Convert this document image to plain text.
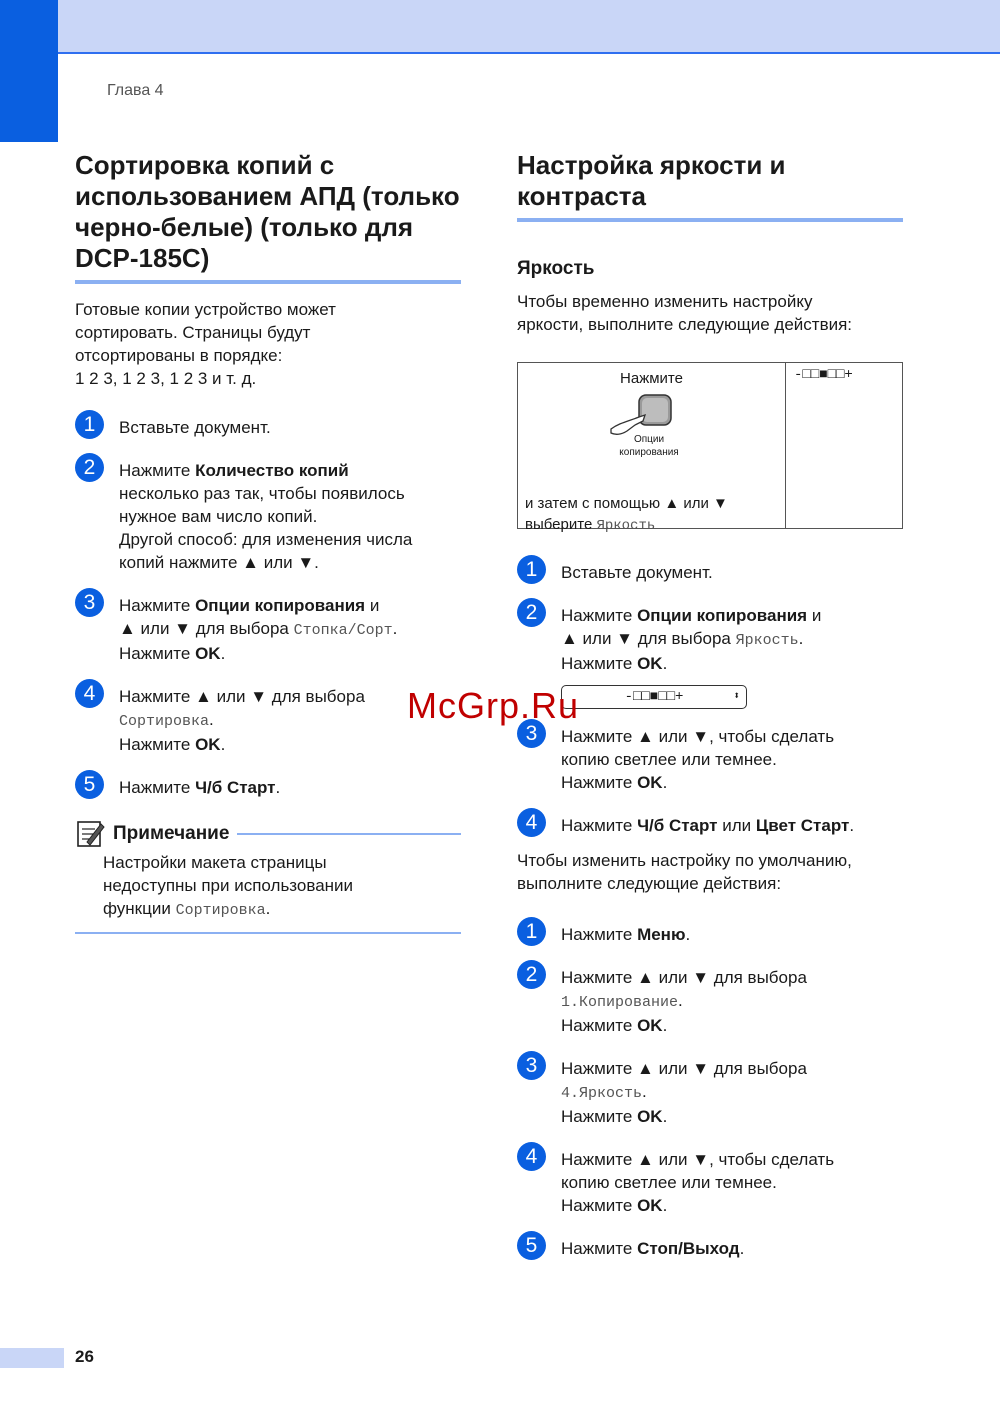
Глава 4
Сортировка копий с использованием АПД (только черно-белые) (только для DCP-185C)

Готовые копии устройство может
сортировать. Страницы будут
отсортированы в порядке:
1 2 3, 1 2 3, 1 2 3 и т. д.

1	Вставьте документ.
2	Нажмите Количество копий
несколько раз так, чтобы появилось
нужное вам число копий.
Другой способ: для изменения числа
копий нажмите ▲ или ▼.
3	Нажмите Опции копирования и
▲ или ▼ для выбора Стопка/Сорт.
Нажмите OK.
4	Нажмите ▲ или ▼ для выбора
Сортировка.
Нажмите OK.
5	Нажмите Ч/б Старт.
Примечание

Настройки макета страницы
недоступны при использовании
функции Сортировка.

Настройка яркости и контраста
Яркость

Чтобы временно изменить настройку
яркости, выполните следующие действия:

Нажмите
Опции
копирования
и затем с помощью ▲ или ▼
выберите Яркость
-□□■□□+
1	Вставьте документ.
2	Нажмите Опции копирования и
▲ или ▼ для выбора Яркость.
Нажмите OK.
-□□■□□+	⬍
3	Нажмите ▲ или ▼, чтобы сделать
копию светлее или темнее.
Нажмите OK.
4	Нажмите Ч/б Старт или Цвет Старт.

Чтобы изменить настройку по умолчанию,
выполните следующие действия:

1	Нажмите Меню.
2	Нажмите ▲ или ▼ для выбора
1.Копирование.
Нажмите OK.
3	Нажмите ▲ или ▼ для выбора
4.Яркость.
Нажмите OK.
4	Нажмите ▲ или ▼, чтобы сделать
копию светлее или темнее.
Нажмите OK.
5	Нажмите Стоп/Выход.
McGrp.Ru
26
